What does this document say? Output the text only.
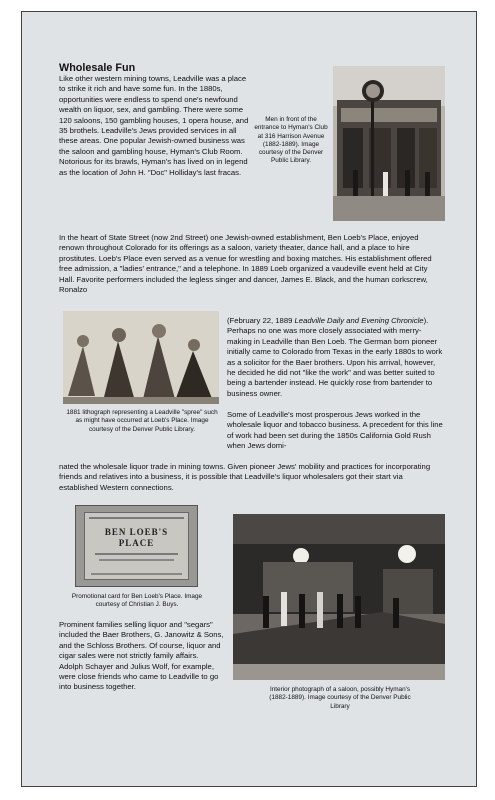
Wholesale Fun

Like other western mining towns, Leadville was a place to strike it rich and have some fun. In the 1880s, opportunities were endless to spend one's newfound wealth on liquor, sex, and gambling. There were some 120 saloons, 150 gambling houses, 1 opera house, and 35 brothels. Leadville's Jews provided services in all these areas. One popular Jewish-owned business was the saloon and gambling house, Hyman's Club Room. Notorious for its brawls, Hyman's has lived on in legend as the location of John H. "Doc" Holliday's last fracas.

Men in front of the entrance to Hyman's Club at 316 Harrison Avenue (1882-1889). Image courtesy of the Denver Public Library.

In the heart of State Street (now 2nd Street) one Jewish-owned establishment, Ben Loeb's Place, enjoyed renown throughout Colorado for its offerings as a saloon, variety theater, dance hall, and a place to hire prostitutes. Loeb's Place even served as a venue for wrestling and boxing matches. His establishment offered free admission, a "ladies' entrance," and a telephone. In 1889 Loeb organized a vaudeville event held at City Hall. Favorite performers included the legless singer and dancer, James E. Black, and the human corkscrew, Ronalzo

1881 lithograph representing a Leadville "spree" such as might have occurred at Loeb's Place. Image courtesy of the Denver Public Library.

(February 22, 1889 Leadville Daily and Evening Chronicle). Perhaps no one was more closely associated with merry-making in Leadville than Ben Loeb. The German born pioneer initially came to Colorado from Texas in the early 1880s to work as a solicitor for the Baer brothers. Upon his arrival, however, he decided he did not "like the work" and was better suited to being a bartender instead. He quickly rose from bartender to business owner.

Some of Leadville's most prosperous Jews worked in the wholesale liquor and tobacco business. A precedent for this line of work had been set during the 1850s California Gold Rush when Jews domi-

nated the wholesale liquor trade in mining towns. Given pioneer Jews' mobility and practices for incorporating friends and relatives into a business, it is possible that Leadville's liquor wholesalers got their start via established Western connections.

BEN LOEB'S
PLACE

Promotional card for Ben Loeb's Place. Image courtesy of Christian J. Buys.

Prominent families selling liquor and "segars" included the Baer Brothers, G. Janowitz & Sons, and the Schloss Brothers. Of course, liquor and cigar sales were not strictly family affairs. Adolph Schayer and Julius Wolf, for example, were close friends who came to Leadville to go into business together.	Interior photograph of a saloon, possibly Hyman's (1882-1889). Image courtesy of the Denver Public Library
